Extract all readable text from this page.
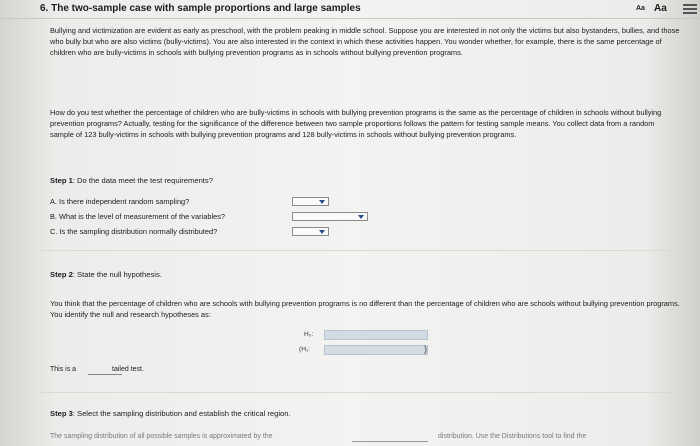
6. The two-sample case with sample proportions and large samples	Aa Aa
Bullying and victimization are evident as early as preschool, with the problem peaking in middle school. Suppose you are interested in not only the victims but also bystanders, bullies, and those who bully but who are also victims (bully-victims). You are also interested in the context in which these activities happen. You wonder whether, for example, there is the same percentage of children who are bully-victims in schools with bullying prevention programs as in schools without bullying prevention programs.
How do you test whether the percentage of children who are bully-victims in schools with bullying prevention programs is the same as the percentage of children in schools without bullying prevention programs? Actually, testing for the significance of the difference between two sample proportions follows the pattern for testing sample means. You collect data from a random sample of 123 bully-victims in schools with bullying prevention programs and 128 bully-victims in schools without bullying prevention programs.
Step 1: Do the data meet the test requirements?
A. Is there independent random sampling?
B. What is the level of measurement of the variables?
C. Is the sampling distribution normally distributed?
Step 2: State the null hypothesis.
You think that the percentage of children who are schools with bullying prevention programs is no different than the percentage of children who are schools without bullying prevention programs. You identify the null and research hypotheses as:
H₀:
(H₁:	)
This is a	tailed test.
Step 3: Select the sampling distribution and establish the critical region.
The sampling distribution of all possible samples is approximated by the	distribution. Use the Distributions tool to find the
